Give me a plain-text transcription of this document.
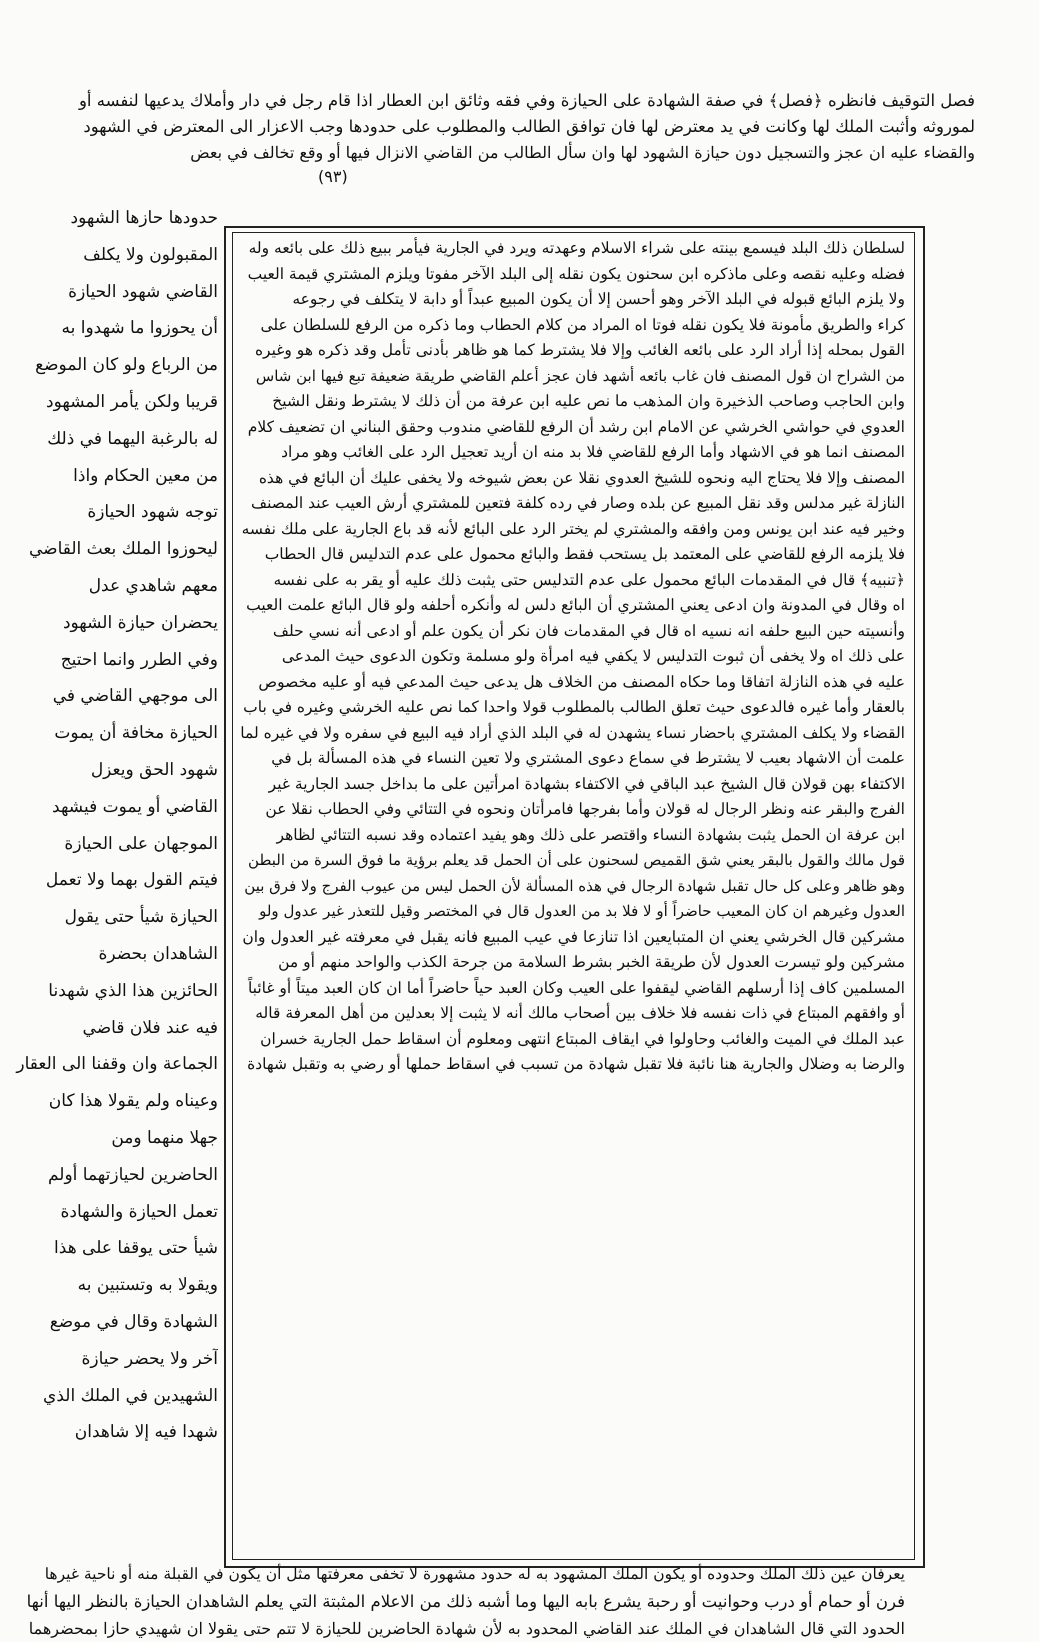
فصل التوقيف فانظره ﴿فصل﴾ في صفة الشهادة على الحيازة وفي فقه وثائق ابن العطار اذا قام رجل في دار وأملاك يدعيها لنفسه أو
لموروثه وأثبت الملك لها وكانت في يد معترض لها فان توافق الطالب والمطلوب على حدودها وجب الاعزار الى المعترض في الشهود
والقضاء عليه ان عجز والتسجيل دون حيازة الشهود لها وان سأل الطالب من القاضي الانزال فيها أو وقع تخالف في بعض
(٩٣)
حدودها حازها الشهود
المقبولون ولا يكلف
القاضي شهود الحيازة
أن يحوزوا ما شهدوا به
من الرباع ولو كان الموضع
قريبا ولكن يأمر المشهود
له بالرغبة اليهما في ذلك
من معين الحكام واذا
توجه شهود الحيازة
ليحوزوا الملك بعث القاضي
معهم شاهدي عدل
يحضران حيازة الشهود
وفي الطرر وانما احتيج
الى موجهي القاضي في
الحيازة مخافة أن يموت
شهود الحق ويعزل
القاضي أو يموت فيشهد
الموجهان على الحيازة
فيتم القول بهما ولا تعمل
الحيازة شيأ حتى يقول
الشاهدان بحضرة
الحائزين هذا الذي شهدنا
فيه عند فلان قاضي
الجماعة وان وقفنا الى العقار
وعيناه ولم يقولا هذا كان
جهلا منهما ومن
الحاضرين لحيازتهما أولم
تعمل الحيازة والشهادة
شيأ حتى يوقفا على هذا
ويقولا به وتستبين به
الشهادة وقال في موضع
آخر ولا يحضر حيازة
الشهيدين في الملك الذي
شهدا فيه إلا شاهدان
لسلطان ذلك البلد فيسمع بينته على شراء الاسلام وعهدته ويرد في الجارية فيأمر ببيع ذلك على بائعه وله
فضله وعليه نقصه وعلى ماذكره ابن سحنون يكون نقله إلى البلد الآخر مفوتا ويلزم المشتري قيمة العيب
ولا يلزم البائع قبوله في البلد الآخر وهو أحسن إلا أن يكون المبيع عبداً أو دابة لا يتكلف في رجوعه
كراء والطريق مأمونة فلا يكون نقله فوتا اه المراد من كلام الحطاب وما ذكره من الرفع للسلطان على
القول بمحله إذا أراد الرد على بائعه الغائب وإلا فلا يشترط كما هو ظاهر بأدنى تأمل وقد ذكره هو وغيره
من الشراح ان قول المصنف فان غاب بائعه أشهد فان عجز أعلم القاضي طريقة ضعيفة تبع فيها ابن شاس
وابن الحاجب وصاحب الذخيرة وان المذهب ما نص عليه ابن عرفة من أن ذلك لا يشترط ونقل الشيخ
العدوي في حواشي الخرشي عن الامام ابن رشد أن الرفع للقاضي مندوب وحقق البناني ان تضعيف كلام
المصنف انما هو في الاشهاد وأما الرفع للقاضي فلا بد منه ان أريد تعجيل الرد على الغائب وهو مراد
المصنف وإلا فلا يحتاج اليه ونحوه للشيخ العدوي نقلا عن بعض شيوخه ولا يخفى عليك أن البائع في هذه
النازلة غير مدلس وقد نقل المبيع عن بلده وصار في رده كلفة فتعين للمشتري أرش العيب عند المصنف
وخير فيه عند ابن يونس ومن وافقه والمشتري لم يختر الرد على البائع لأنه قد باع الجارية على ملك نفسه
فلا يلزمه الرفع للقاضي على المعتمد بل يستحب فقط والبائع محمول على عدم التدليس قال الحطاب
﴿تنبيه﴾ قال في المقدمات البائع محمول على عدم التدليس حتى يثبت ذلك عليه أو يقر به على نفسه
اه وقال في المدونة وان ادعى يعني المشتري أن البائع دلس له وأنكره أحلفه ولو قال البائع علمت العيب
وأنسيته حين البيع حلفه انه نسيه اه قال في المقدمات فان نكر أن يكون علم أو ادعى أنه نسي حلف
على ذلك اه ولا يخفى أن ثبوت التدليس لا يكفي فيه امرأة ولو مسلمة وتكون الدعوى حيث المدعى
عليه في هذه النازلة اتفاقا وما حكاه المصنف من الخلاف هل يدعى حيث المدعي فيه أو عليه مخصوص
بالعقار وأما غيره فالدعوى حيث تعلق الطالب بالمطلوب قولا واحدا كما نص عليه الخرشي وغيره في باب
القضاء ولا يكلف المشتري باحضار نساء يشهدن له في البلد الذي أراد فيه البيع في سفره ولا في غيره لما
علمت أن الاشهاد بعيب لا يشترط في سماع دعوى المشتري ولا تعين النساء في هذه المسألة بل في
الاكتفاء بهن قولان قال الشيخ عبد الباقي في الاكتفاء بشهادة امرأتين على ما بداخل جسد الجارية غير
الفرج والبقر عنه ونظر الرجال له قولان وأما بفرجها فامرأتان ونحوه في التتائي وفي الحطاب نقلا عن
ابن عرفة ان الحمل يثبت بشهادة النساء واقتصر على ذلك وهو يفيد اعتماده وقد نسبه التتائي لظاهر
قول مالك والقول بالبقر يعني شق القميص لسحنون على أن الحمل قد يعلم برؤية ما فوق السرة من البطن
وهو ظاهر وعلى كل حال تقبل شهادة الرجال في هذه المسألة لأن الحمل ليس من عيوب الفرج ولا فرق بين
العدول وغيرهم ان كان المعيب حاضراً أو لا فلا بد من العدول قال في المختصر وقيل للتعذر غير عدول ولو
مشركين قال الخرشي يعني ان المتبايعين اذا تنازعا في عيب المبيع فانه يقبل في معرفته غير العدول وان
مشركين ولو تيسرت العدول لأن طريقة الخبر بشرط السلامة من جرحة الكذب والواحد منهم أو من
المسلمين كاف إذا أرسلهم القاضي ليقفوا على العيب وكان العبد حياً حاضراً أما ان كان العبد ميتاً أو غائباً
أو وافقهم المبتاع في ذات نفسه فلا خلاف بين أصحاب مالك أنه لا يثبت إلا بعدلين من أهل المعرفة قاله
عبد الملك في الميت والغائب وحاولوا في ايقاف المبتاع انتهى ومعلوم أن اسقاط حمل الجارية خسران
والرضا به وضلال والجارية هنا نائبة فلا تقبل شهادة من تسبب في اسقاط حملها أو رضي به وتقبل شهادة
يعرفان عين ذلك الملك وحدوده أو يكون الملك المشهود به له حدود مشهورة لا تخفى معرفتها مثل أن يكون في القبلة منه أو ناحية غيرها
فرن أو حمام أو درب وحوانيت أو رحبة يشرع بابه اليها وما أشبه ذلك من الاعلام المثبتة التي يعلم الشاهدان الحيازة بالنظر اليها أنها
الحدود التي قال الشاهدان في الملك عند القاضي المحدود به لأن شهادة الحاضرين للحيازة لا تتم حتى يقولا ان شهيدي حازا بمحضرهما
